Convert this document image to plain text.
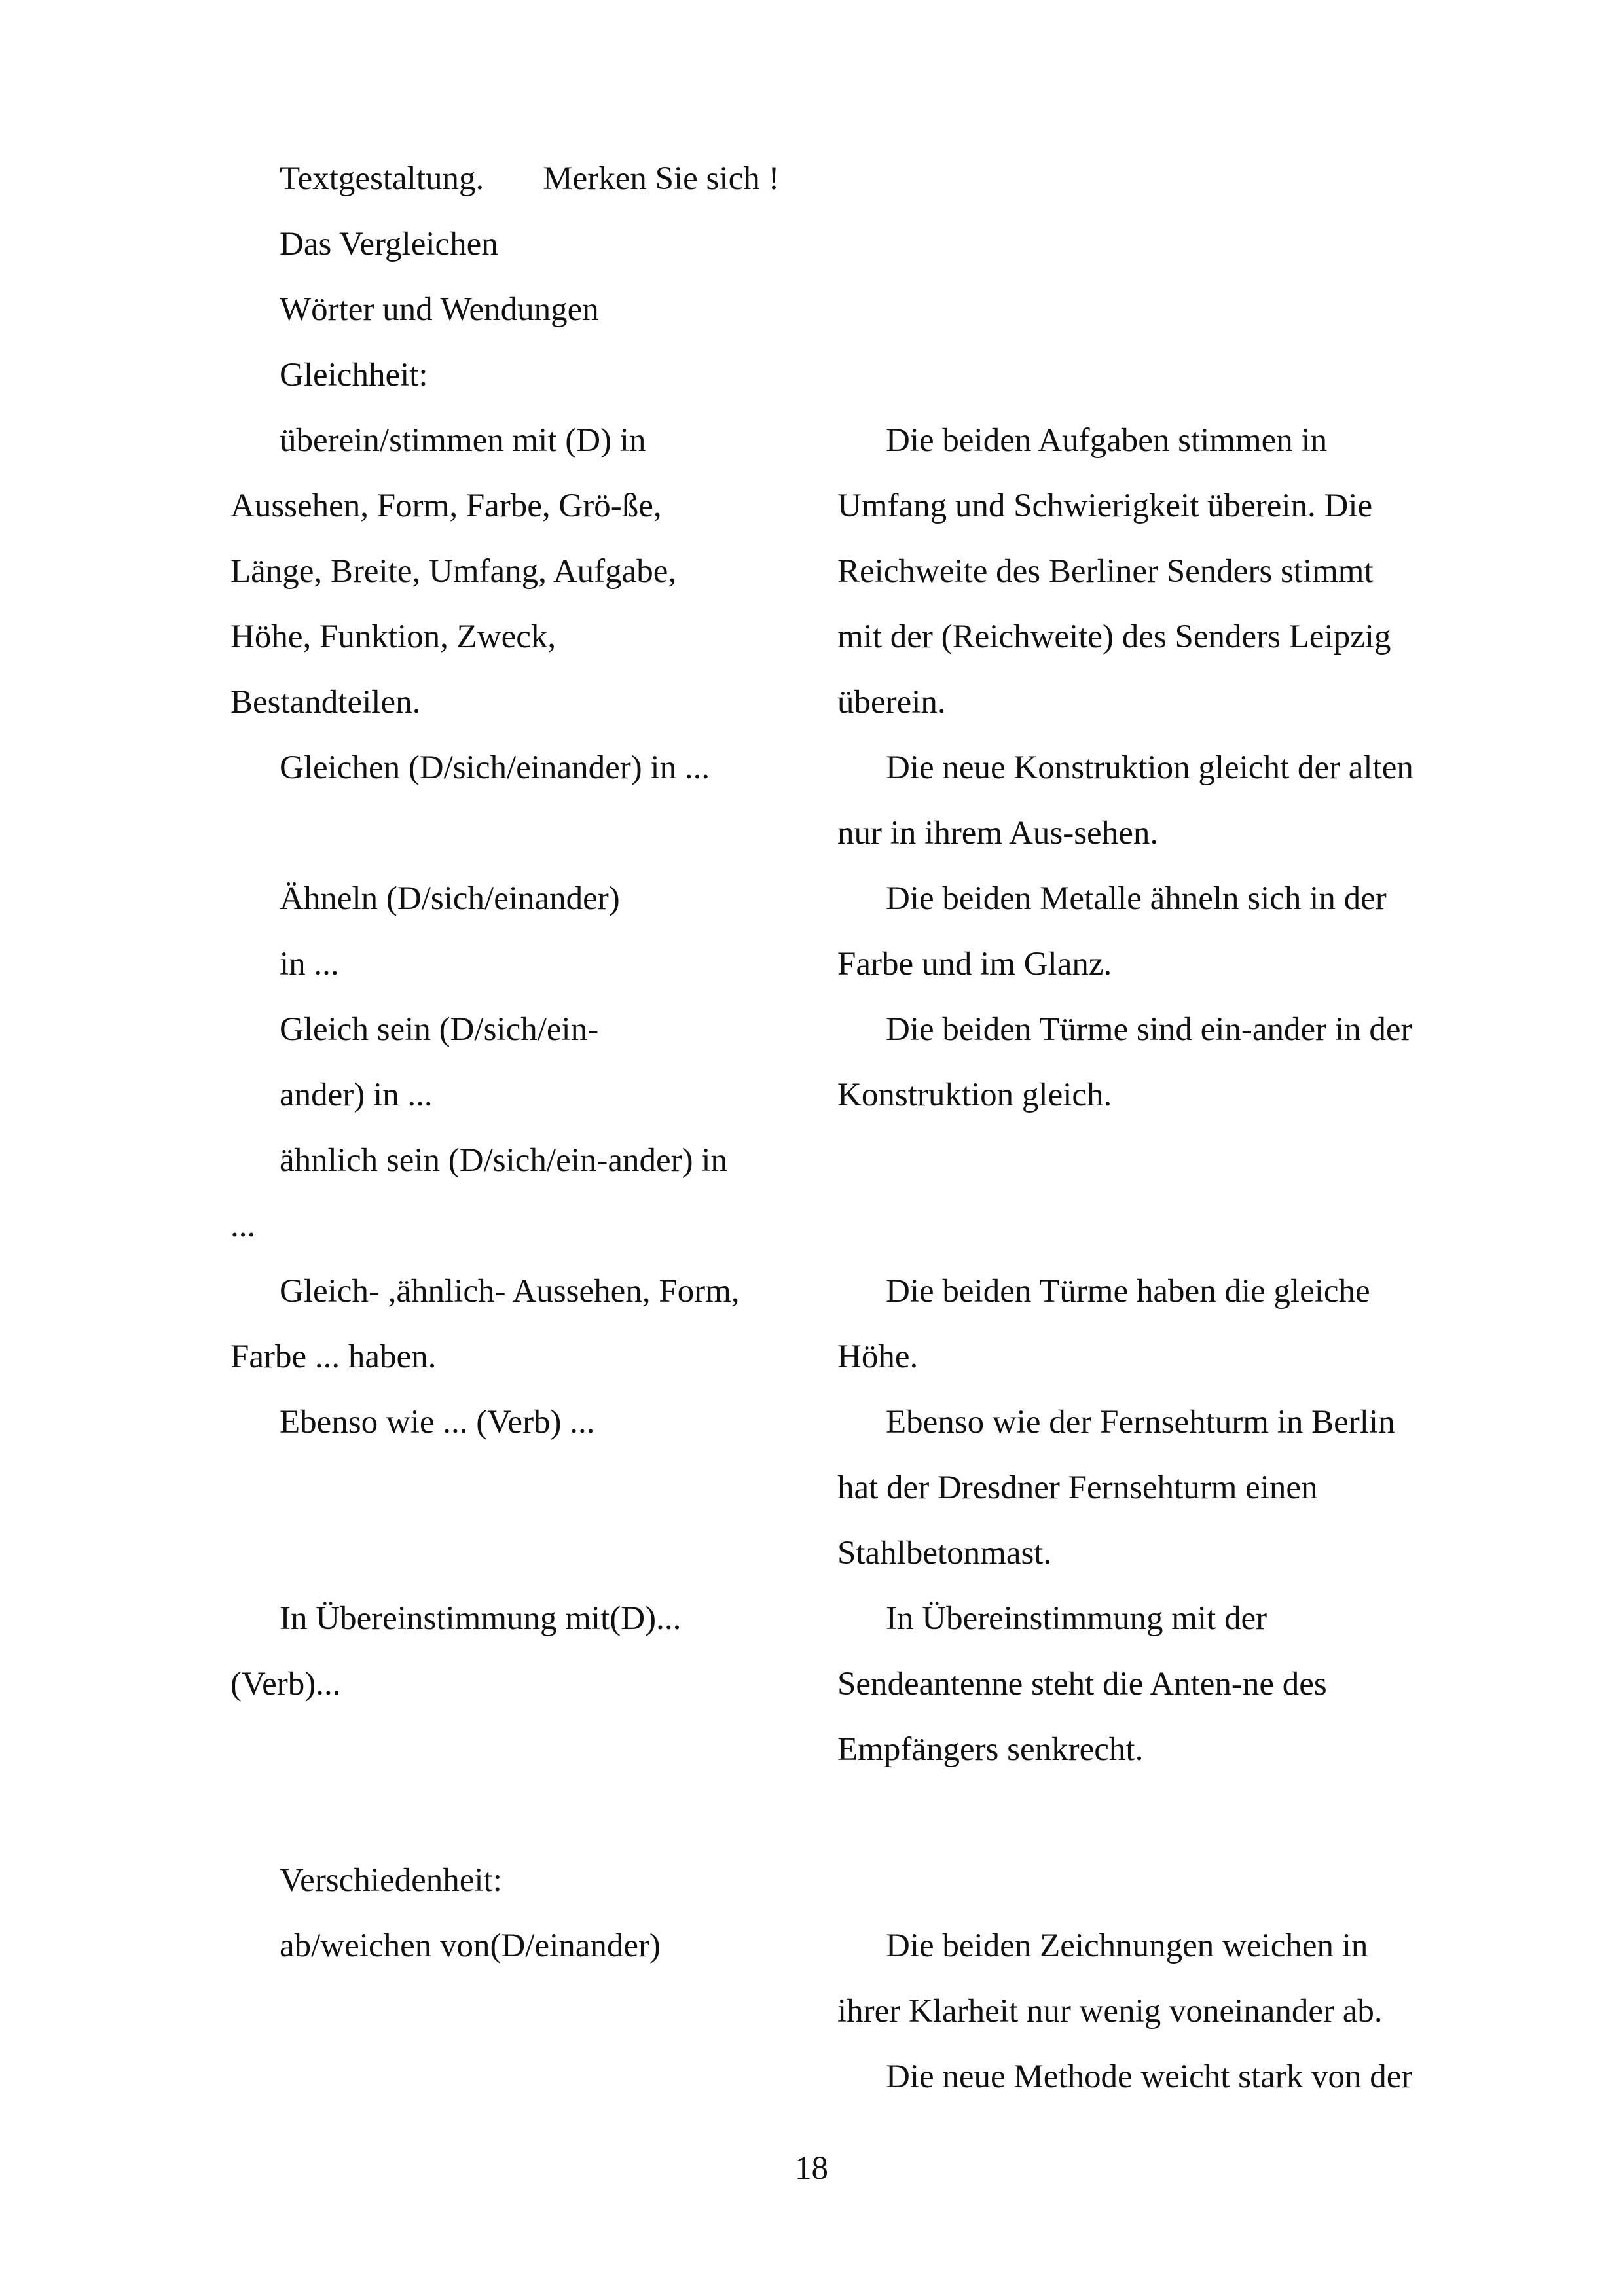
Textgestaltung. Merken Sie sich !
Das Vergleichen
Wörter und Wendungen
Gleichheit:
überein/stimmen mit (D) in
Aussehen, Form, Farbe, Grö-ße,
Länge, Breite, Umfang, Aufgabe,
Höhe, Funktion, Zweck,
Bestandteilen.
Gleichen (D/sich/einander) in ...
Ähneln (D/sich/einander)
in ...
Gleich sein (D/sich/ein-
ander) in ...
ähnlich sein (D/sich/ein-ander) in
...
Gleich- ,ähnlich- Aussehen, Form,
Farbe ... haben.
Ebenso wie ... (Verb) ...
In Übereinstimmung mit(D)...
(Verb)...
Die beiden Aufgaben stimmen in
Umfang und Schwierigkeit überein. Die
Reichweite des Berliner Senders stimmt
mit der (Reichweite) des Senders Leipzig
überein.
Die neue Konstruktion gleicht der alten
nur in ihrem Aus-sehen.
Die beiden Metalle ähneln sich in der
Farbe und im Glanz.
Die beiden Türme sind ein-ander in der
Konstruktion gleich.
Die beiden Türme haben die gleiche
Höhe.
Ebenso wie der Fernsehturm in Berlin
hat der Dresdner Fernsehturm einen
Stahlbetonmast.
In Übereinstimmung mit der
Sendeantenne steht die Anten-ne des
Empfängers senkrecht.
Verschiedenheit:
ab/weichen von(D/einander)	Die beiden Zeichnungen weichen in
ihrer Klarheit nur wenig voneinander ab.
Die neue Methode weicht stark von der
18
